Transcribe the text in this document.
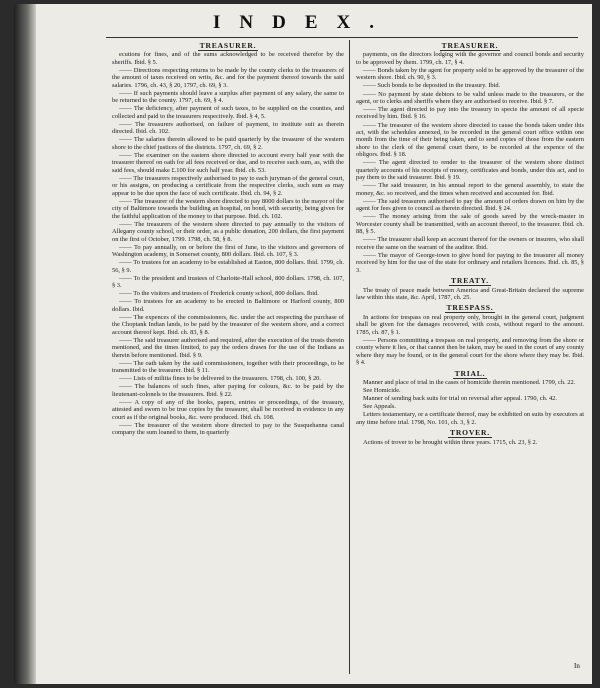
INDEX.
TREASURER.

ecutions for fines, and of the sums acknowledged to be received therefor by the sheriffs. Ibid. § 5.

—— Directions respecting returns to be made by the county clerks to the treasurers of the amount of taxes received on writs, &c. and for the payment thereof towards the said salaries. 1796, ch. 43, § 20, 1797, ch. 69, § 3.

—— If such payments should leave a surplus after payment of any salary, the same to be returned to the county. 1797, ch. 69, § 4.

—— The deficiency, after payment of such taxes, to be supplied on the counties, and collected and paid to the treasurers respectively. Ibid. § 4, 5.

—— The treasurers authorised, on failure of payment, to institute suit as therein directed. Ibid. ch. 102.

—— The salaries therein allowed to be paid quarterly by the treasurer of the western shore to the chief justices of the districts. 1797, ch. 69, § 2.

—— The examiner on the eastern shore directed to account every half year with the treasurer thereof on oath for all fees received or due, and to receive such sum, as, with the said fees, should make £.100 for such half year. Ibid. ch. 53.

—— The treasurers respectively authorised to pay to each juryman of the general court, or his assigns, on producing a certificate from the respective clerks, such sum as may appear to be due upon the face of such certificate. Ibid. ch. 94, § 2.

—— The treasurer of the western shore directed to pay 8000 dollars to the mayor of the city of Baltimore towards the building an hospital, on bond, with security, being given for the faithful application of the money to that purpose. Ibid. ch. 102.

—— The treasurers of the western shore directed to pay annually to the visitors of Allegany county school, or their order, as a public donation, 200 dollars, the first payment on the first of October, 1799. 1798, ch. 58, § 8.

—— To pay annually, on or before the first of June, to the visitors and governors of Washington academy, in Somerset county, 800 dollars. Ibid. ch. 107, § 3.

—— To trustees for an academy to be established at Easton, 800 dollars. Ibid. 1799, ch. 56, § 9.

—— To the president and trustees of Charlotte-Hall school, 800 dollars. 1798, ch. 107, § 3.

—— To the visitors and trustees of Frederick county school, 800 dollars. Ibid.

—— To trustees for an academy to be erected in Baltimore or Harford county, 800 dollars. Ibid.

—— The expences of the commissioners, &c. under the act respecting the purchase of the Choptank Indian lands, to be paid by the treasurer of the western shore, and a correct account thereof kept. Ibid. ch. 83, § 8.

—— The said treasurer authorised and required, after the execution of the trusts therein mentioned, and the times limited, to pay the orders drawn for the use of the Indians as therein before mentioned. Ibid. § 9.

—— The oath taken by the said commissioners, together with their proceedings, to be transmitted to the treasurer. Ibid. § 11.

—— Lists of militia fines to be delivered to the treasurers. 1798, ch. 100, § 20.

—— The balances of such fines, after paying for colours, &c. to be paid by the lieutenant-colonels to the treasurers. Ibid. § 22.

—— A copy of any of the books, papers, entries or proceedings, of the treasury, attested and sworn to be true copies by the treasurer, shall be received in evidence in any court as if the original books, &c. were produced. Ibid. ch. 108.

—— The treasurer of the western shore directed to pay to the Susquehanna canal company the sum loaned to them, in quarterly

TREASURER.

payments, on the directors lodging with the governor and council bonds and security to be approved by them. 1799, ch. 17, § 4.

—— Bonds taken by the agent for property sold to be approved by the treasurer of the western shore. Ibid. ch. 90, § 3.

—— Such bonds to be deposited in the treasury. Ibid.

—— No payment by state debtors to be valid unless made to the treasurers, or the agent, or to clerks and sheriffs where they are authorised to receive. Ibid. § 7.

—— The agent directed to pay into the treasury in specie the amount of all specie received by him. Ibid. § 16.

—— The treasurer of the western shore directed to cause the bonds taken under this act, with the schedules annexed, to be recorded in the general court office within one month from the time of their being taken, and to send copies of those from the eastern shore to the clerk of the general court there, to be recorded at the expence of the obligors. Ibid. § 18.

—— The agent directed to render to the treasurer of the western shore distinct quarterly accounts of his receipts of money, certificates and bonds, under this act, and to pay them to the said treasurer. Ibid. § 19.

—— The said treasurer, in his annual report to the general assembly, to state the money, &c. so received, and the times when received and accounted for. Ibid.

—— The said treasurers authorised to pay the amount of orders drawn on him by the agent for fees given to council as therein directed. Ibid. § 24.

—— The money arising from the sale of goods saved by the wreck-master in Worcester county shall be transmitted, with an account thereof, to the treasurer. Ibid. ch. 88, § 5.

—— The treasurer shall keep an account thereof for the owners or insurers, who shall receive the same on the warrant of the auditor. Ibid.

—— The mayor of George-town to give bond for paying to the treasurer all money received by him for the use of the state for ordinary and retailers licences. Ibid. ch. 85, § 3.

TREATY.

The treaty of peace made between America and Great-Britain declared the supreme law within this state, &c. April, 1787, ch. 25.

TRESPASS.

In actions for trespass on real property only, brought in the general court, judgment shall be given for the damages recovered, with costs, without regard to the amount. 1785, ch. 87, § 1.

—— Persons committing a trespass on real property, and removing from the shore or county where it lies, or that cannot then be taken, may be sued in the court of any county where they may be found, or in the general court for the shore where they may be. Ibid. § 4.

TRIAL.

Manner and place of trial in the cases of homicide therein mentioned. 1799, ch. 22.

See Homicide.

Manner of sending back suits for trial on reversal after appeal. 1790, ch. 42.

See Appeals.

Letters testamentary, or a certificate thereof, may be exhibited on suits by executors at any time before trial. 1798, No. 101, ch. 3, § 2.

TROVER.

Actions of trover to be brought within three years. 1715, ch. 23, § 2.

In
